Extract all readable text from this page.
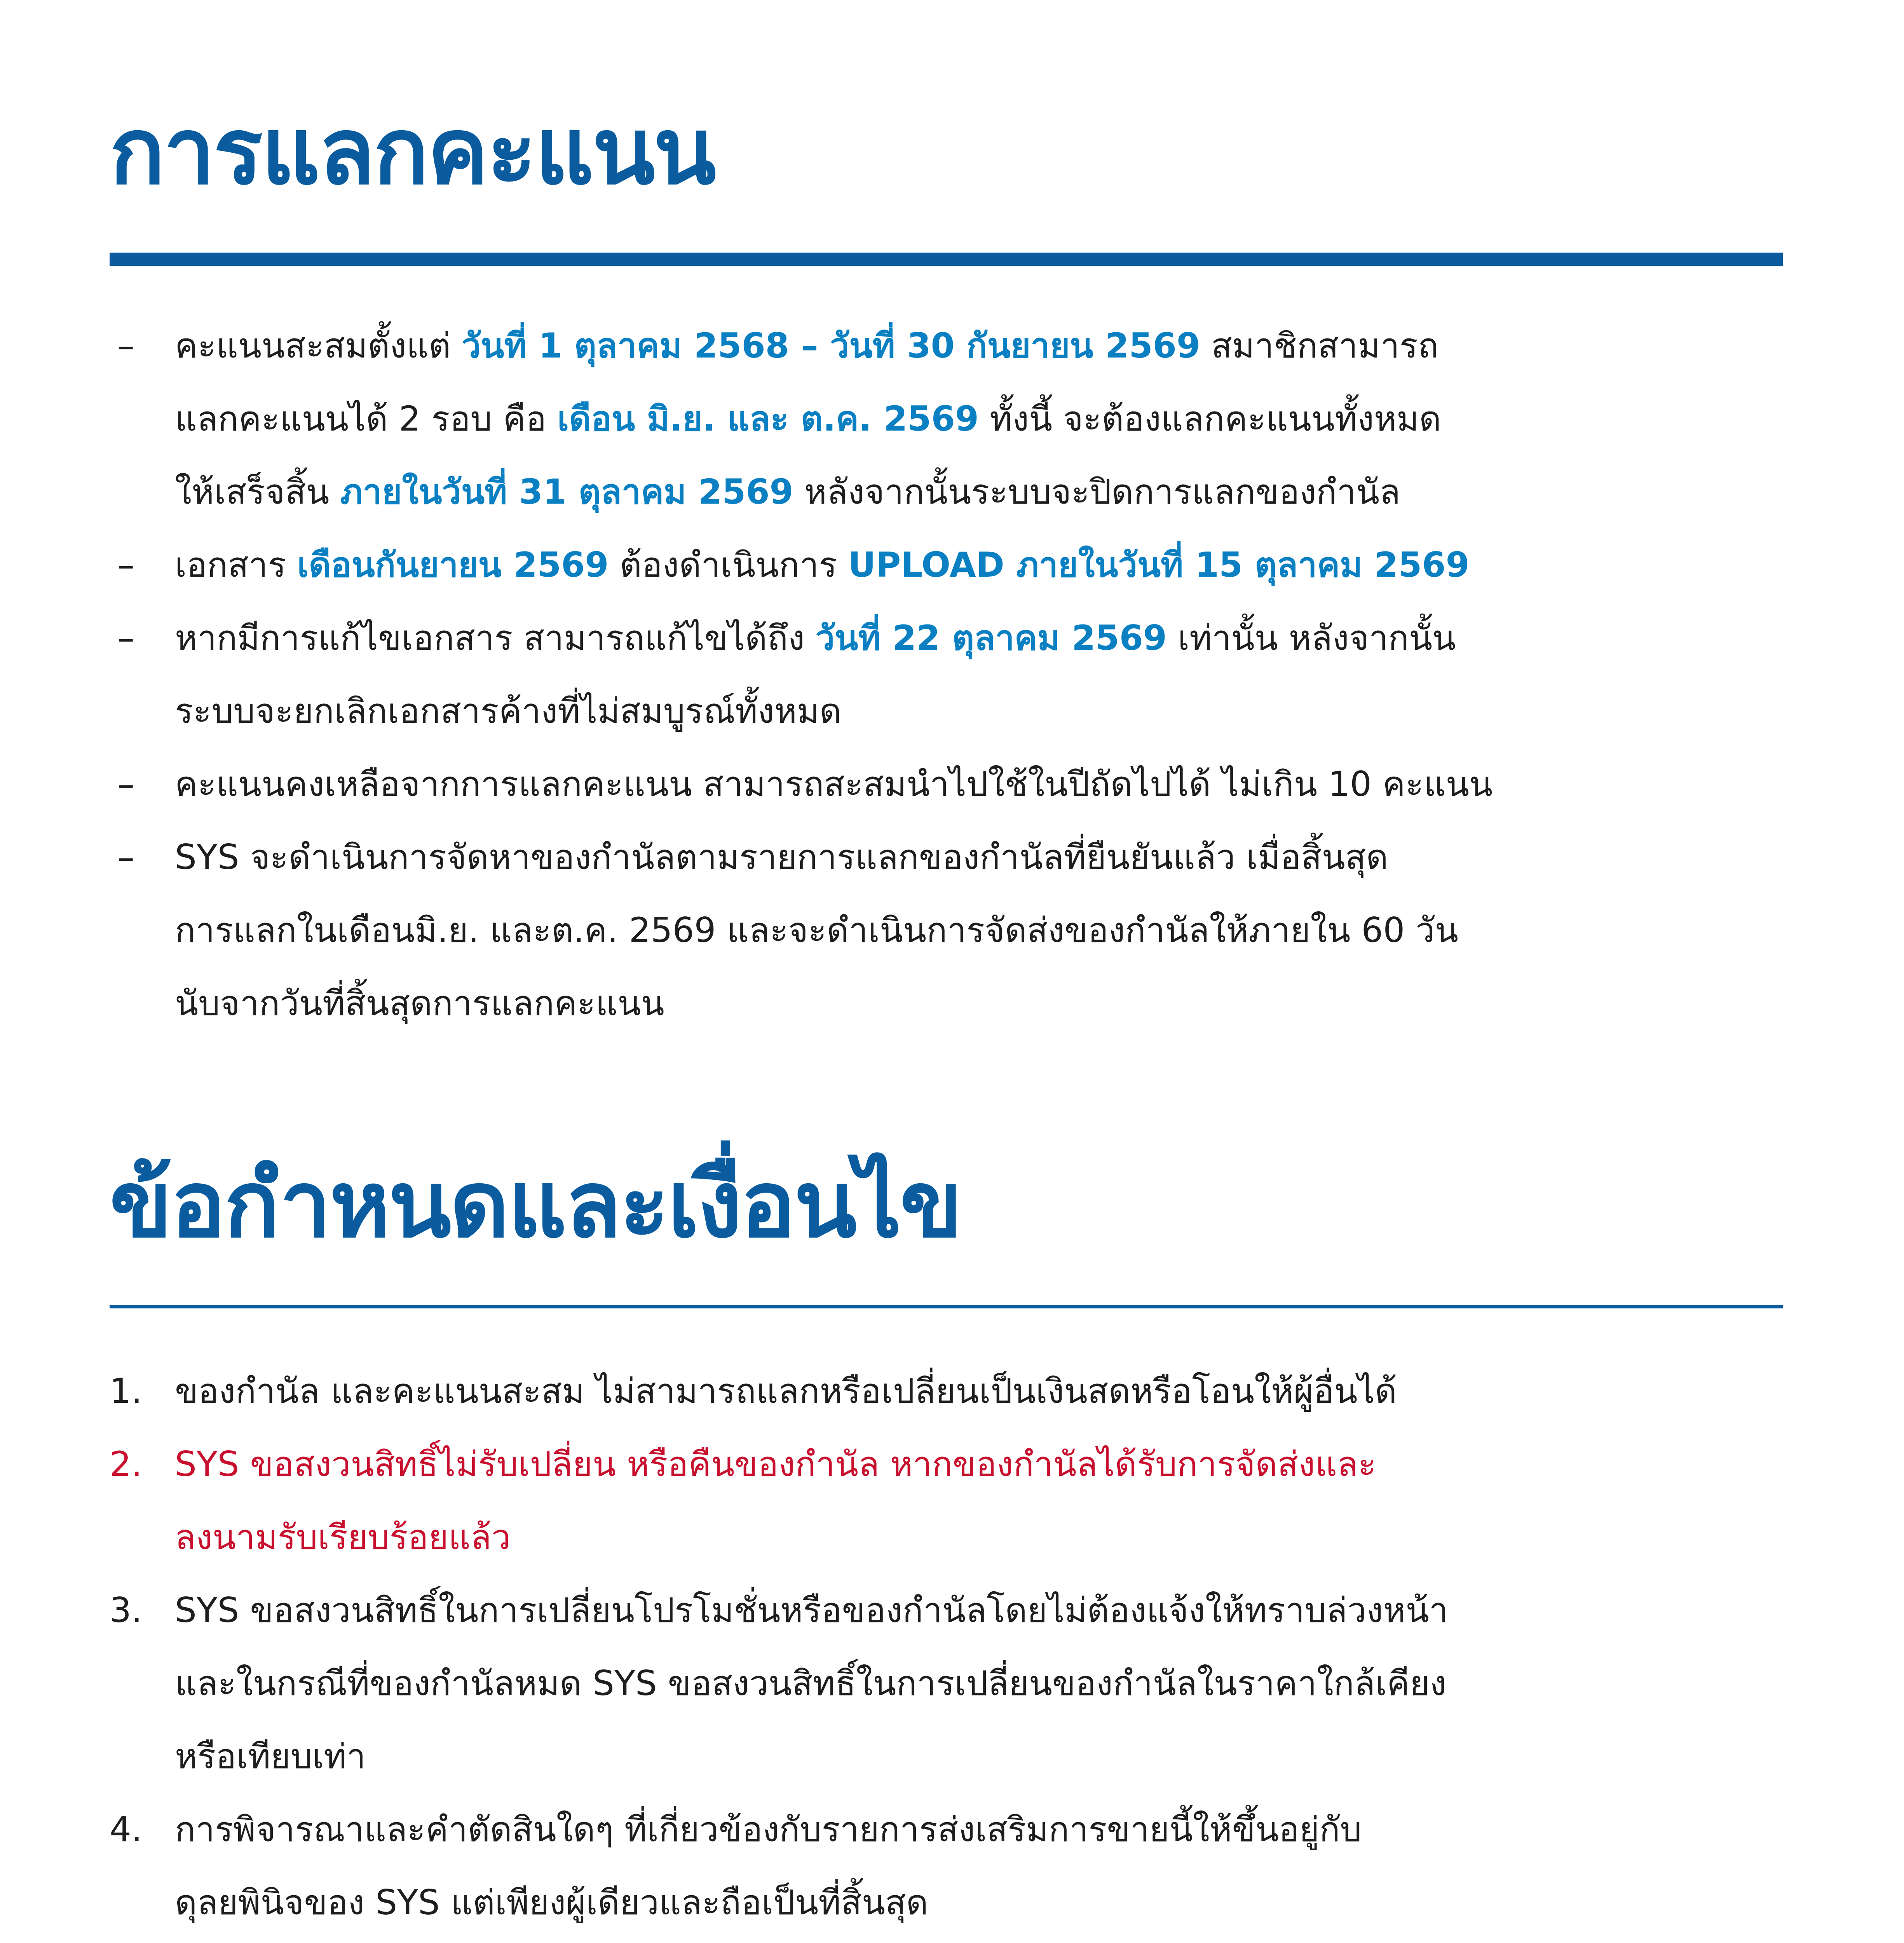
การแลกคะแนน
–	คะแนนสะสมตั้งแต่ วันที่ 1 ตุลาคม 2568 – วันที่ 30 กันยายน 2569 สมาชิกสามารถ
แลกคะแนนได้ 2 รอบ คือ เดือน มิ.ย. และ ต.ค. 2569 ทั้งนี้ จะต้องแลกคะแนนทั้งหมด
ให้เสร็จสิ้น ภายในวันที่ 31 ตุลาคม 2569 หลังจากนั้นระบบจะปิดการแลกของกำนัล
–	เอกสาร เดือนกันยายน 2569 ต้องดำเนินการ UPLOAD ภายในวันที่ 15 ตุลาคม 2569
–	หากมีการแก้ไขเอกสาร สามารถแก้ไขได้ถึง วันที่ 22 ตุลาคม 2569 เท่านั้น หลังจากนั้น
ระบบจะยกเลิกเอกสารค้างที่ไม่สมบูรณ์ทั้งหมด
–	คะแนนคงเหลือจากการแลกคะแนน สามารถสะสมนำไปใช้ในปีถัดไปได้ ไม่เกิน 10 คะแนน
–	SYS จะดำเนินการจัดหาของกำนัลตามรายการแลกของกำนัลที่ยืนยันแล้ว เมื่อสิ้นสุด
การแลกในเดือนมิ.ย. และต.ค. 2569 และจะดำเนินการจัดส่งของกำนัลให้ภายใน 60 วัน
นับจากวันที่สิ้นสุดการแลกคะแนน
ข้อกำหนดและเงื่อนไข
1. ของกำนัล และคะแนนสะสม ไม่สามารถแลกหรือเปลี่ยนเป็นเงินสดหรือโอนให้ผู้อื่นได้
2. SYS ขอสงวนสิทธิ์ไม่รับเปลี่ยน หรือคืนของกำนัล หากของกำนัลได้รับการจัดส่งและ
ลงนามรับเรียบร้อยแล้ว
3. SYS ขอสงวนสิทธิ์ในการเปลี่ยนโปรโมชั่นหรือของกำนัลโดยไม่ต้องแจ้งให้ทราบล่วงหน้า
และในกรณีที่ของกำนัลหมด SYS ขอสงวนสิทธิ์ในการเปลี่ยนของกำนัลในราคาใกล้เคียง
หรือเทียบเท่า
4. การพิจารณาและคำตัดสินใดๆ ที่เกี่ยวข้องกับรายการส่งเสริมการขายนี้ให้ขึ้นอยู่กับ
ดุลยพินิจของ SYS แต่เพียงผู้เดียวและถือเป็นที่สิ้นสุด
